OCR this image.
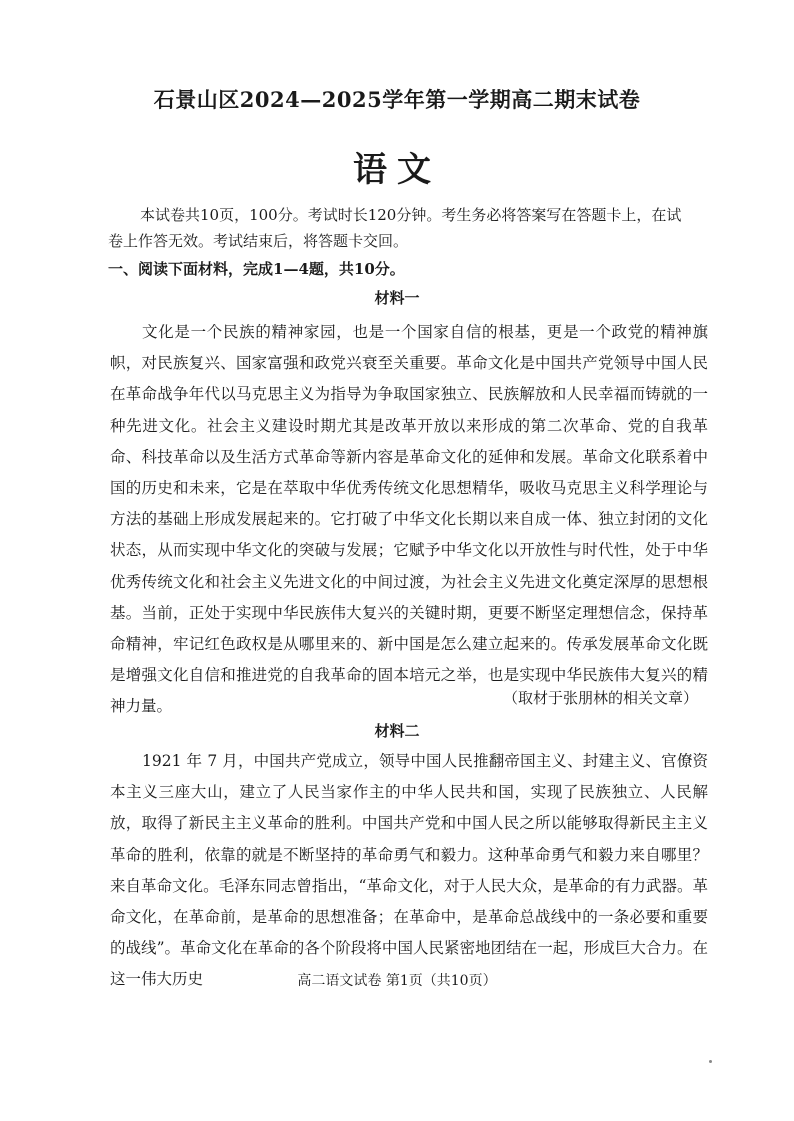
石景山区2024—2025学年第一学期高二期末试卷
语文

本试卷共10页，100分。考试时长120分钟。考生务必将答案写在答题卡上，在试

卷上作答无效。考试结束后，将答题卡交回。

一、阅读下面材料，完成1—4题，共10分。
材料一

文化是一个民族的精神家园，也是一个国家自信的根基，更是一个政党的精神旗帜，对民族复兴、国家富强和政党兴衰至关重要。革命文化是中国共产党领导中国人民在革命战争年代以马克思主义为指导为争取国家独立、民族解放和人民幸福而铸就的一种先进文化。社会主义建设时期尤其是改革开放以来形成的第二次革命、党的自我革命、科技革命以及生活方式革命等新内容是革命文化的延伸和发展。革命文化联系着中国的历史和未来，它是在萃取中华优秀传统文化思想精华，吸收马克思主义科学理论与方法的基础上形成发展起来的。它打破了中华文化长期以来自成一体、独立封闭的文化状态，从而实现中华文化的突破与发展；它赋予中华文化以开放性与时代性，处于中华优秀传统文化和社会主义先进文化的中间过渡，为社会主义先进文化奠定深厚的思想根基。当前，正处于实现中华民族伟大复兴的关键时期，更要不断坚定理想信念，保持革命精神，牢记红色政权是从哪里来的、新中国是怎么建立起来的。传承发展革命文化既是增强文化自信和推进党的自我革命的固本培元之举，也是实现中华民族伟大复兴的精神力量。	（取材于张朋林的相关文章）
材料二

1921 年 7 月，中国共产党成立，领导中国人民推翻帝国主义、封建主义、官僚资本主义三座大山，建立了人民当家作主的中华人民共和国，实现了民族独立、人民解放，取得了新民主主义革命的胜利。中国共产党和中国人民之所以能够取得新民主主义革命的胜利，依靠的就是不断坚持的革命勇气和毅力。这种革命勇气和毅力来自哪里？来自革命文化。毛泽东同志曾指出，“革命文化，对于人民大众，是革命的有力武器。革命文化，在革命前，是革命的思想准备；在革命中，是革命总战线中的一条必要和重要的战线”。革命文化在革命的各个阶段将中国人民紧密地团结在一起，形成巨大合力。在这一伟大历史	高二语文试卷 第1页（共10页）
